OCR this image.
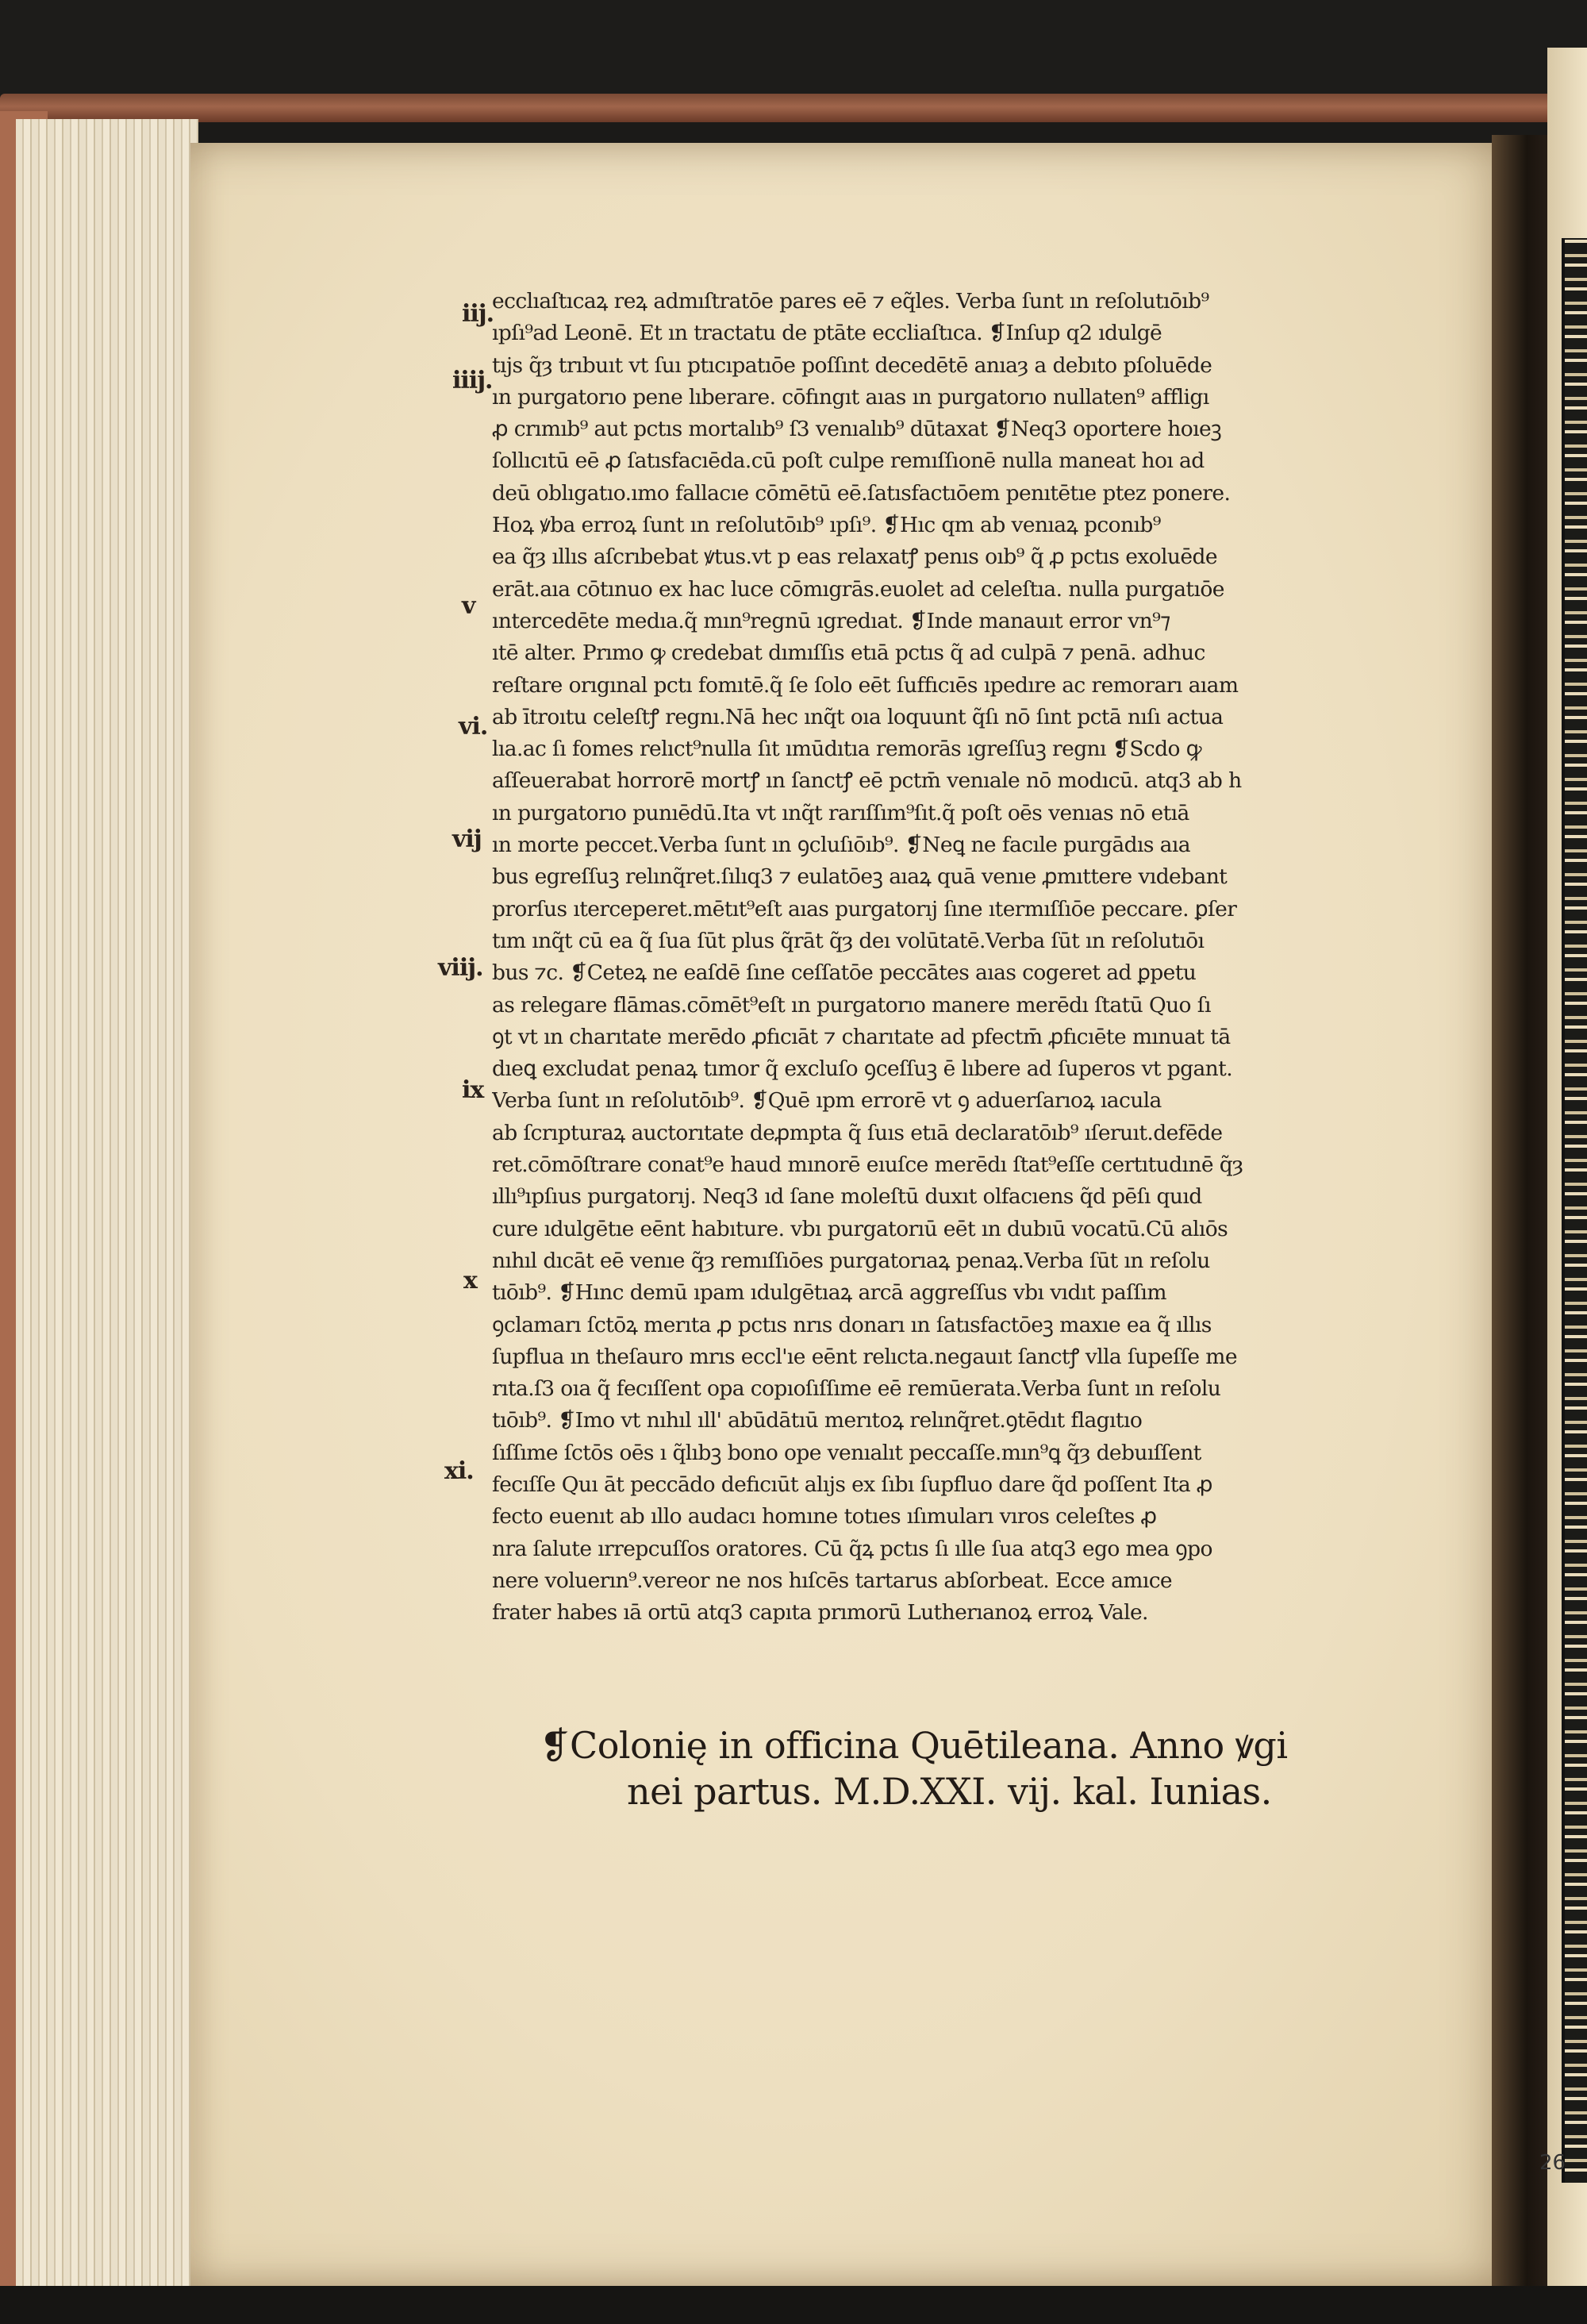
iij.
iiij.
v
vi.
vij
viij.
ix
x
xi.
ecclıaſtıcaꝝ reꝝ admıſtratōe pares eē ⁊ eq̃les. Verba ſunt ın reſolutıōıb⁹
ıpſı⁹ad Leonē. Et ın tractatu de ptāte eccliaſtıca. ❡Inſup q2 ıdulgē
tıjs q̃ȝ trıbuıt vt ſuı ptıcıpatıōe poſſınt decedētē anıaȝ a debıto pſoluēde
ın purgatorıo pene lıberare. cōfıngıt aıas ın purgatorıo nullaten⁹ affligı
ꝓ crımıb⁹ aut pctıs mortalıb⁹ ſ3 venıalıb⁹ dūtaxat ❡Neq3 oportere hoıeꝫ
ſollıcıtū eē ꝓ ſatısfacıēda.cū poſt culpe remıſſıonē nulla maneat hoı ad
deū oblıgatıo.ımo fallacıe cōmētū eē.ſatısfactıōem penıtētıe ptez ponere.
Hoꝝ ꝟba erroꝝ ſunt ın reſolutōıb⁹ ıpſı⁹. ❡Hıc qm ab venıaꝝ pconıb⁹
ea q̃ȝ ıllıs aſcrıbebat ꝟtus.vt p eas relaxatꝭ penıs oıb⁹ q̃ ꝓ pctıs exoluēde
erāt.aıa cōtınuo ex hac luce cōmıgrās.euolet ad celeſtıa. nulla purgatıōe
ıntercedēte medıa.q̃ mın⁹regnū ıgredıat. ❡Inde manauıt error vn⁹⁊
ıtē alter. Prımo ꝙ credebat dımıſſıs etıā pctıs q̃ ad culpā ⁊ penā. adhuc
reſtare orıgınal pctı fomıtē.q̃ ſe ſolo eēt ſuffıcıēs ıpedıre ac remorarı aıam
ab ītroıtu celeſtꝭ regnı.Nā hec ınq̃t oıa loquunt q̃ſı nō ſınt pctā nıſı actua
lıa.ac ſı fomes relıct⁹nulla ſıt ımūdıtıa remorās ıgreſſuꝫ regnı ❡Scdo ꝙ
aſſeuerabat horrorē mortꝭ ın ſanctꝭ eē pctm̄ venıale nō modıcū. atq3 ab h
ın purgatorıo punıēdū.Ita vt ınq̃t rarıſſım⁹ſıt.q̃ poſt oēs venıas nō etıā
ın morte peccet.Verba ſunt ın ꝯcluſıōıb⁹. ❡Neꝗ ne facıle purgādıs aıa
bus egreſſuꝫ relınq̃ret.ſılıq3 ⁊ eulatōeꝫ aıaꝝ quā venıe ꝓmıttere vıdebant
prorſus ıterceperet.mētıt⁹eſt aıas purgatorıj ſıne ıtermıſſıōe peccare. ꝑſer
tım ınq̃t cū ea q̃ ſua ſūt plus q̃rāt q̃ȝ deı volūtatē.Verba ſūt ın reſolutıōı
bus ⁊c. ❡Ceteꝝ ne eaſdē ſıne ceſſatōe peccātes aıas cogeret ad ꝑpetu
as relegare flāmas.cōmēt⁹eſt ın purgatorıo manere merēdı ſtatū Quo ſı
ꝯt vt ın charıtate merēdo ꝓfıcıāt ⁊ charıtate ad pfectm̄ ꝓfıcıēte mınuat tā
dıeꝗ excludat penaꝝ tımor q̃ excluſo ꝯceſſuꝫ ē lıbere ad ſuperos vt pgant.
Verba ſunt ın reſolutōıb⁹. ❡Quē ıpm errorē vt ꝯ aduerſarıoꝝ ıacula
ab ſcrıpturaꝝ auctorıtate deꝓmpta q̃ ſuıs etıā declaratōıb⁹ ıſeruıt.defēde
ret.cōmōſtrare conat⁹e haud mınorē eıuſce merēdı ſtat⁹eſſe certıtudınē q̃ȝ
ıllı⁹ıpſıus purgatorıj. Neq3 ıd ſane moleſtū duxıt olfacıens q̃d pēſı quıd
cure ıdulgētıe eēnt habıture. vbı purgatorıū eēt ın dubıū vocatū.Cū alıōs
nıhıl dıcāt eē venıe q̃ȝ remıſſıōes purgatorıaꝝ penaꝝ.Verba ſūt ın reſolu
tıōıb⁹. ❡Hınc demū ıpam ıdulgētıaꝝ arcā aggreſſus vbı vıdıt paſſım
ꝯclamarı ſctōꝝ merıta ꝓ pctıs nrıs donarı ın ſatısfactōeꝫ maxıe ea q̃ ıllıs
ſupflua ın theſauro mrıs eccl'ıe eēnt relıcta.negauıt ſanctꝭ vlla ſupeſſe me
rıta.ſ3 oıa q̃ fecıſſent opa copıoſıſſıme eē remūerata.Verba ſunt ın reſolu
tıōıb⁹. ❡Imo vt nıhıl ıll' abūdātıū merıtoꝝ relınq̃ret.ꝯtēdıt flagıtıo
ſıſſıme ſctōs oēs ı q̃lıbꝫ bono ope venıalıt peccaſſe.mın⁹ꝗ q̃ȝ debuıſſent
fecıſſe Quı āt peccādo defıcıūt alıjs ex ſıbı ſupfluo dare q̃d poſſent Ita ꝓ
fecto euenıt ab ıllo audacı homıne totıes ıſımuları vıros celeſtes ꝓ
nra ſalute ırrepcuſſos oratores. Cū q̃ꝝ pctıs ſı ılle ſua atq3 ego mea ꝯpo
nere voluerın⁹.vereor ne nos hıſcēs tartarus abſorbeat. Ecce amıce
frater habes ıā ortū atq3 capıta prımorū Lutherıanoꝝ erroꝝ Vale.
❡Colonię in officina Quētileana. Anno ꝟgi
nei partus. M.D.XXI. vij. kal. Iunias.
26
